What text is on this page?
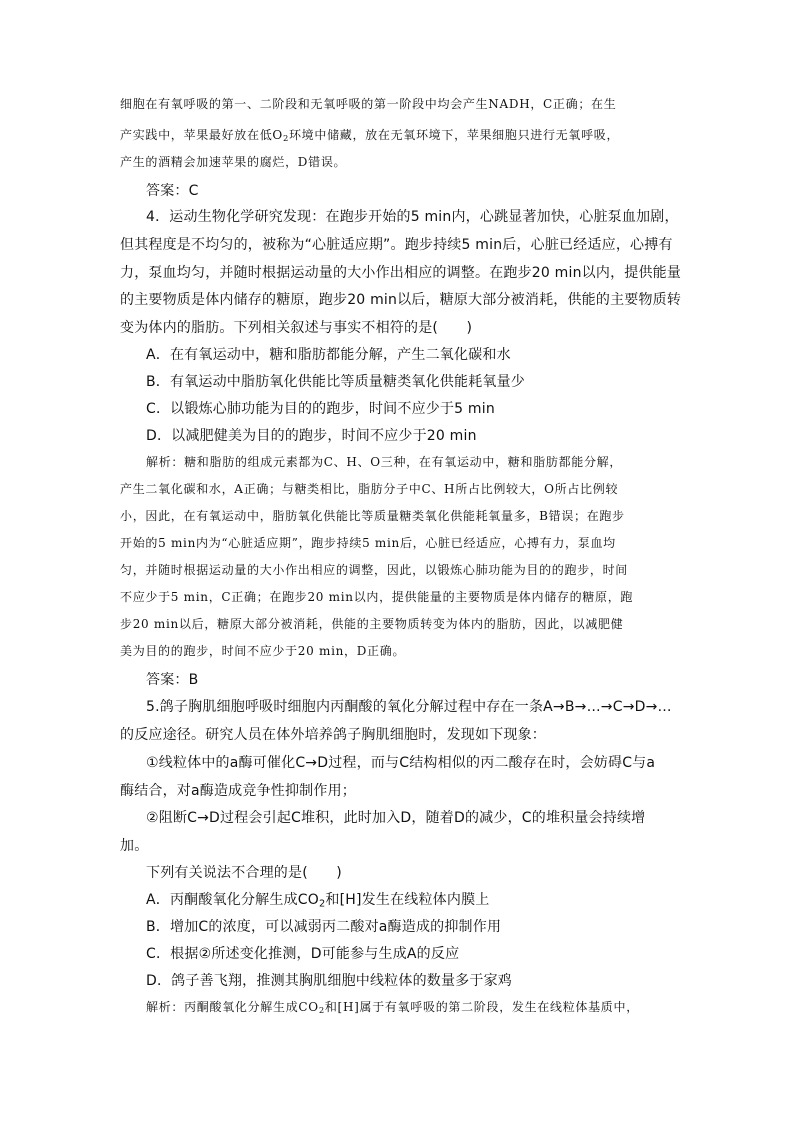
细胞在有氧呼吸的第一、二阶段和无氧呼吸的第一阶段中均会产生NADH，C正确；在生
产实践中，苹果最好放在低$O_2$环境中储藏，放在无氧环境下，苹果细胞只进行无氧呼吸，
产生的酒精会加速苹果的腐烂，D错误。
答案：C
4．运动生物化学研究发现：在跑步开始的5 min内，心跳显著加快，心脏泵血加剧，
但其程度是不均匀的，被称为“心脏适应期”。跑步持续5 min后，心脏已经适应，心搏有
力，泵血均匀，并随时根据运动量的大小作出相应的调整。在跑步20 min以内，提供能量
的主要物质是体内储存的糖原，跑步20 min以后，糖原大部分被消耗，供能的主要物质转
变为体内的脂肪。下列相关叙述与事实不相符的是(　　)
A．在有氧运动中，糖和脂肪都能分解，产生二氧化碳和水
B．有氧运动中脂肪氧化供能比等质量糖类氧化供能耗氧量少
C．以锻炼心肺功能为目的的跑步，时间不应少于5 min
D．以减肥健美为目的的跑步，时间不应少于20 min
解析：糖和脂肪的组成元素都为C、H、O三种，在有氧运动中，糖和脂肪都能分解，
产生二氧化碳和水，A正确；与糖类相比，脂肪分子中C、H所占比例较大，O所占比例较
小，因此，在有氧运动中，脂肪氧化供能比等质量糖类氧化供能耗氧量多，B错误；在跑步
开始的5 min内为“心脏适应期”，跑步持续5 min后，心脏已经适应，心搏有力，泵血均
匀，并随时根据运动量的大小作出相应的调整，因此，以锻炼心肺功能为目的的跑步，时间
不应少于5 min，C正确；在跑步20 min以内，提供能量的主要物质是体内储存的糖原，跑
步20 min以后，糖原大部分被消耗，供能的主要物质转变为体内的脂肪，因此，以减肥健
美为目的的跑步，时间不应少于20 min，D正确。
答案：B
5.鸽子胸肌细胞呼吸时细胞内丙酮酸的氧化分解过程中存在一条A→B→…→C→D→…
的反应途径。研究人员在体外培养鸽子胸肌细胞时，发现如下现象：
①线粒体中的a酶可催化C→D过程，而与C结构相似的丙二酸存在时，会妨碍C与a
酶结合，对a酶造成竞争性抑制作用；
②阻断C→D过程会引起C堆积，此时加入D，随着D的减少，C的堆积量会持续增
加。
下列有关说法不合理的是(　　)
A．丙酮酸氧化分解生成$CO_2$和[H]发生在线粒体内膜上
B．增加C的浓度，可以减弱丙二酸对a酶造成的抑制作用
C．根据②所述变化推测，D可能参与生成A的反应
D．鸽子善飞翔，推测其胸肌细胞中线粒体的数量多于家鸡
解析：丙酮酸氧化分解生成$CO_2$和[H]属于有氧呼吸的第二阶段，发生在线粒体基质中，
